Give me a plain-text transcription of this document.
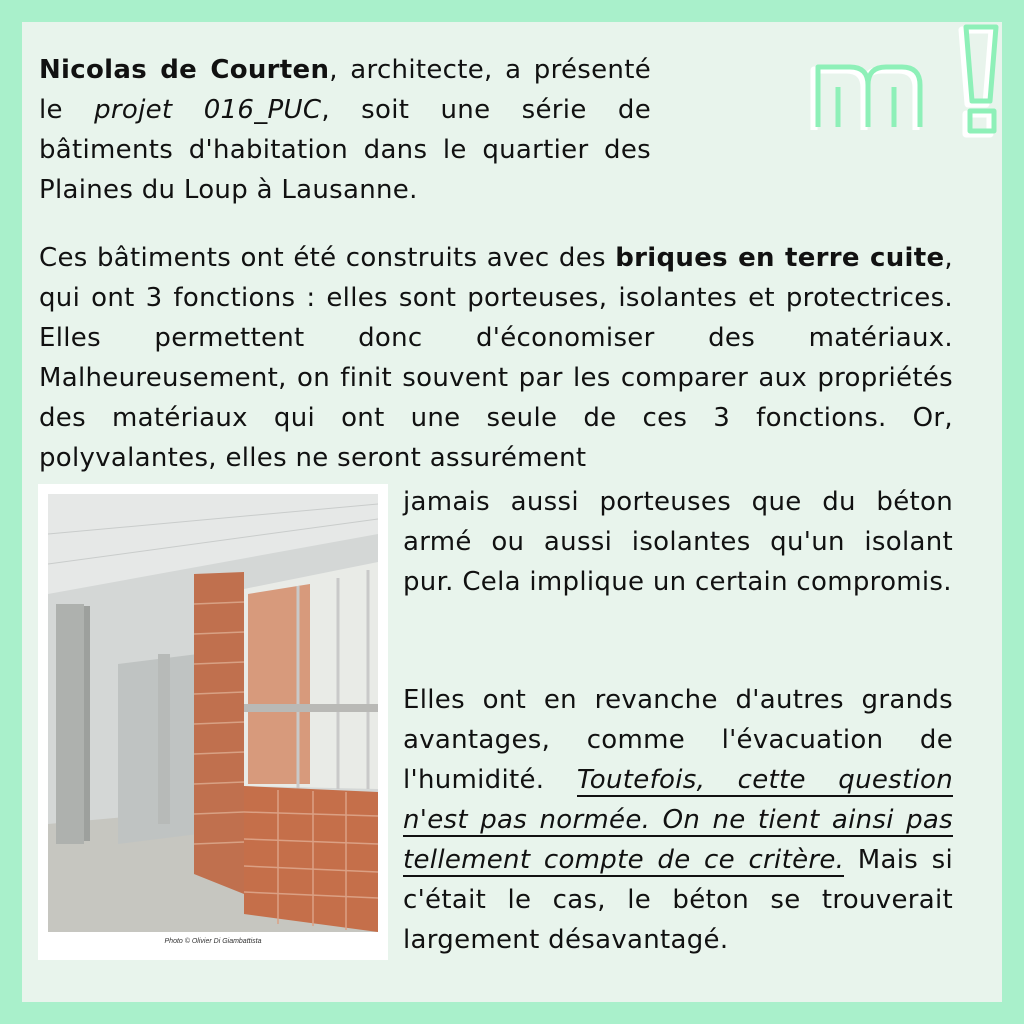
Nicolas de Courten, architecte, a présenté le projet 016_PUC, soit une série de bâtiments d'habitation dans le quartier des Plaines du Loup à Lausanne.
Ces bâtiments ont été construits avec des briques en terre cuite, qui ont 3 fonctions : elles sont porteuses, isolantes et protectrices. Elles permettent donc d'économiser des matériaux. Malheureusement, on finit souvent par les comparer aux propriétés des matériaux qui ont une seule de ces 3 fonctions. Or, polyvalantes, elles ne seront assurément
Photo © Olivier Di Giambattista
jamais aussi porteuses que du béton armé ou aussi isolantes qu'un isolant pur. Cela implique un certain compromis.
Elles ont en revanche d'autres grands avantages, comme l'évacuation de l'humidité. Toutefois, cette question n'est pas normée. On ne tient ainsi pas tellement compte de ce critère. Mais si c'était le cas, le béton se trouverait largement désavantagé.
